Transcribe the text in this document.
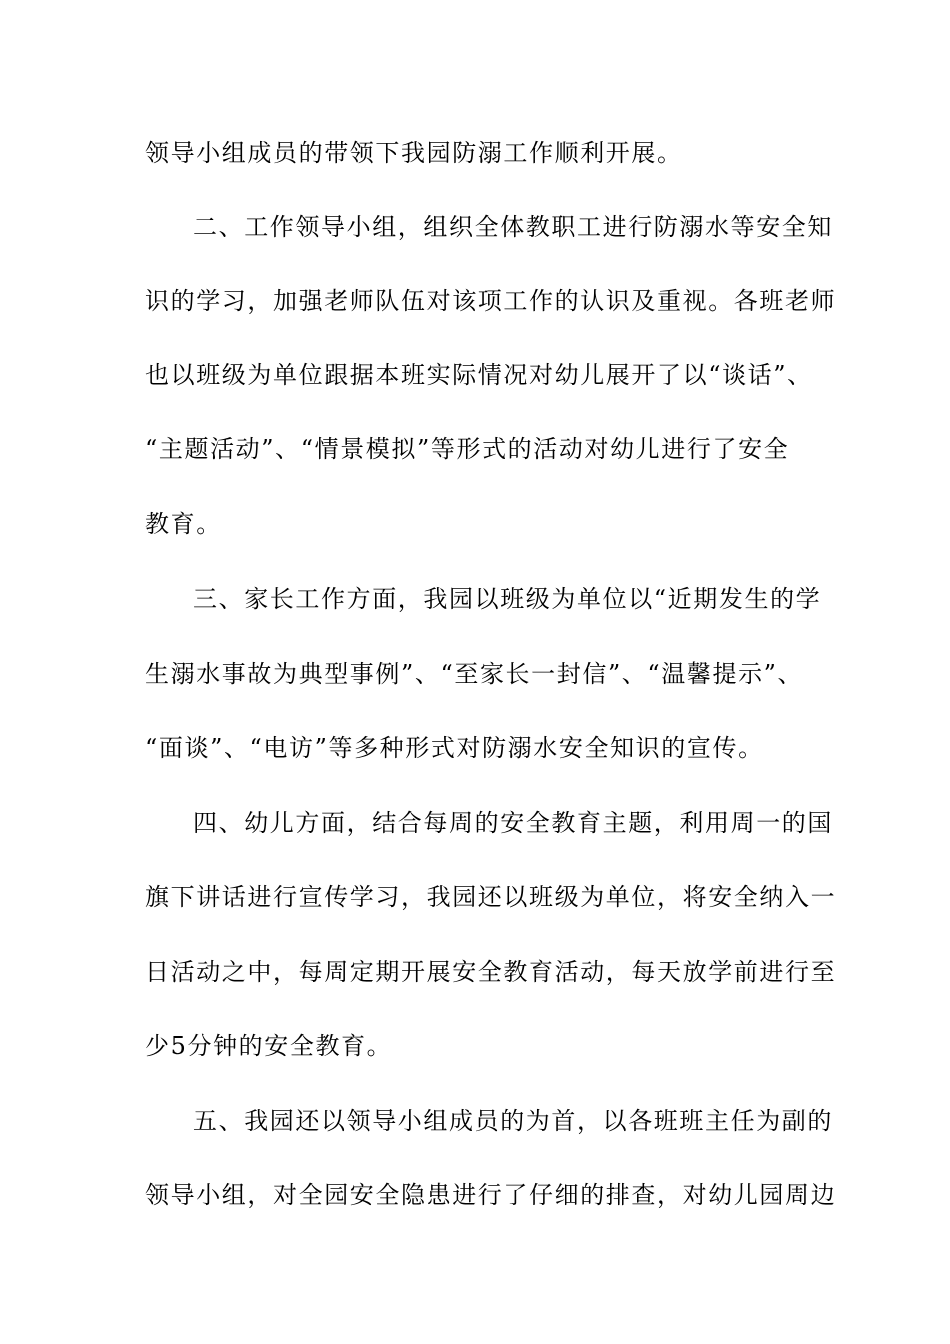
领导小组成员的带领下我园防溺工作顺利开展。
二、工作领导小组，组织全体教职工进行防溺水等安全知
识的学习，加强老师队伍对该项工作的认识及重视。各班老师
也以班级为单位跟据本班实际情况对幼儿展开了以“谈话”、
“主题活动”、“情景模拟”等形式的活动对幼儿进行了安全
教育。
三、家长工作方面，我园以班级为单位以“近期发生的学
生溺水事故为典型事例”、“至家长一封信”、“温馨提示”、
“面谈”、“电访”等多种形式对防溺水安全知识的宣传。
四、幼儿方面，结合每周的安全教育主题，利用周一的国
旗下讲话进行宣传学习，我园还以班级为单位，将安全纳入一
日活动之中，每周定期开展安全教育活动，每天放学前进行至
少5分钟的安全教育。
五、我园还以领导小组成员的为首，以各班班主任为副的
领导小组，对全园安全隐患进行了仔细的排查，对幼儿园周边
